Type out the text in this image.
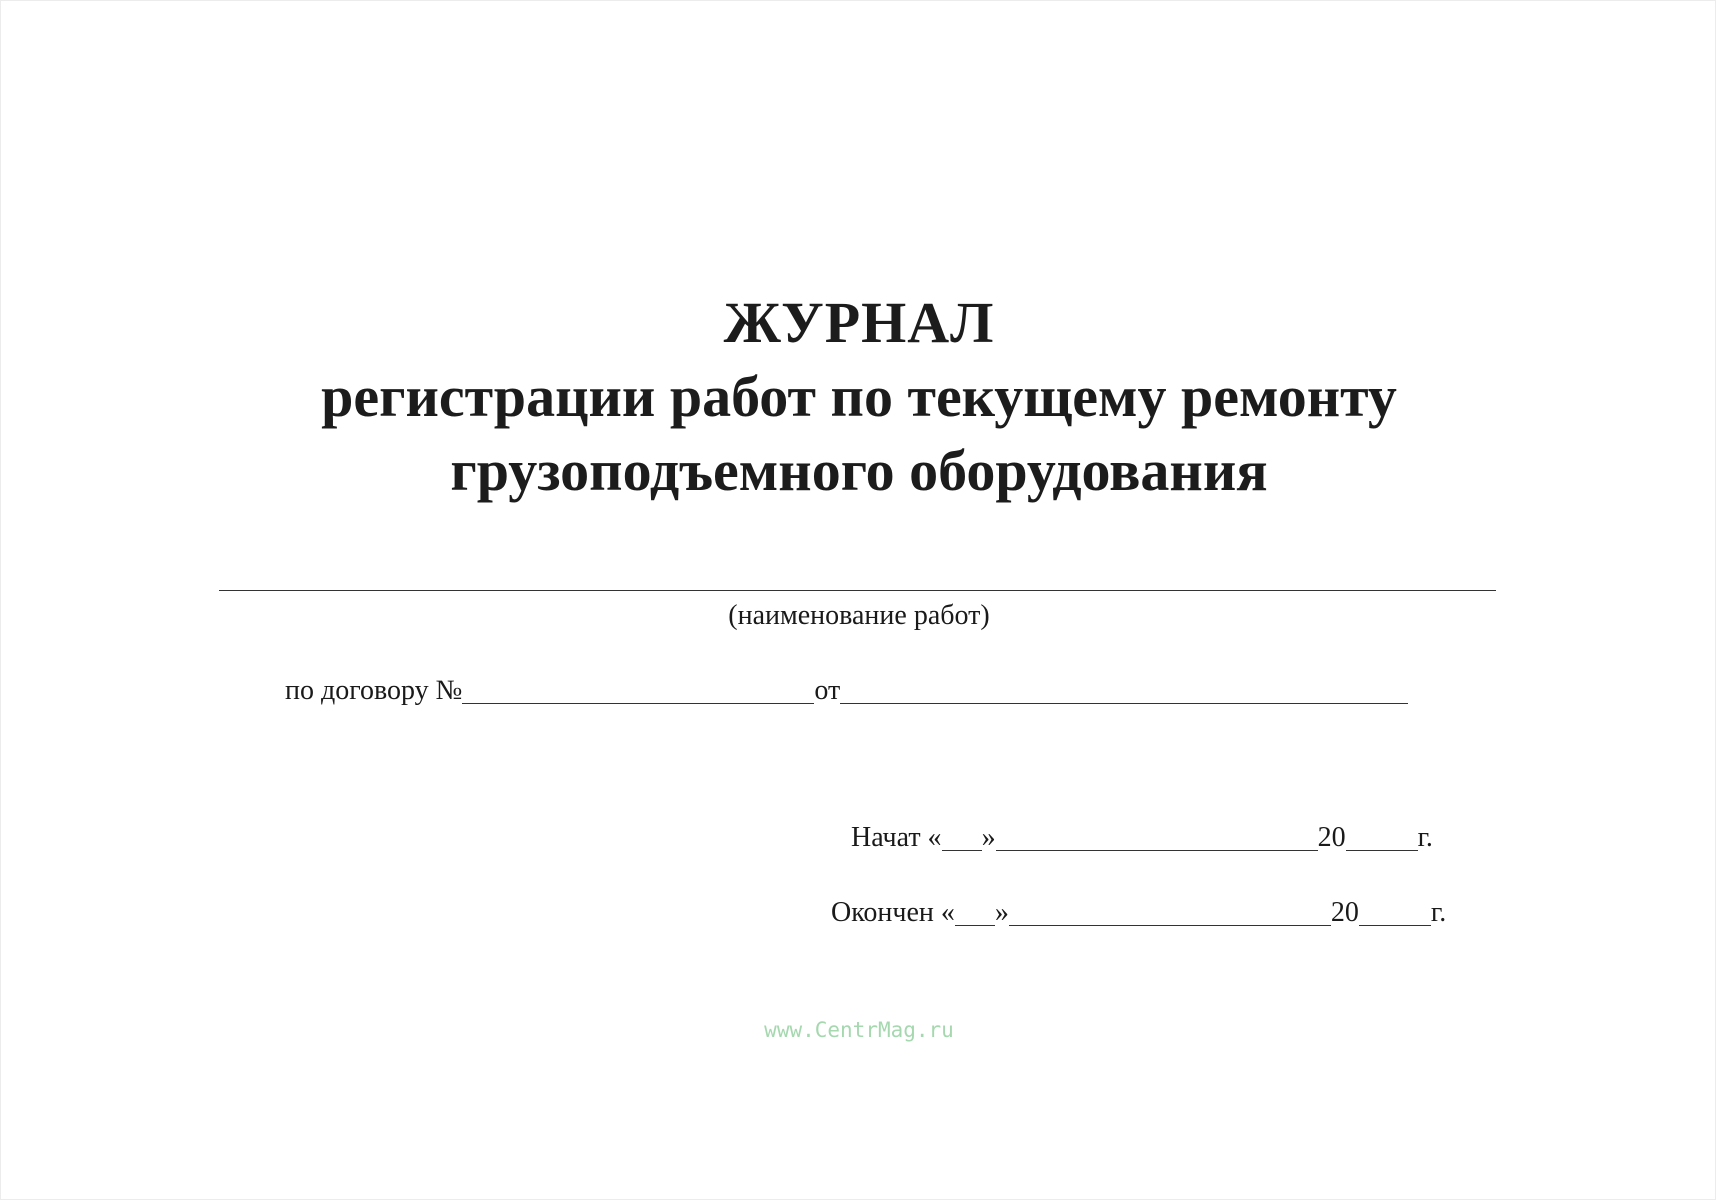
ЖУРНАЛ
регистрации работ по текущему ремонту
грузоподъемного оборудования
(наименование работ)
по договору №	от
Начат « »	20	г.
Окончен « »	20	г.
www.CentrMag.ru
